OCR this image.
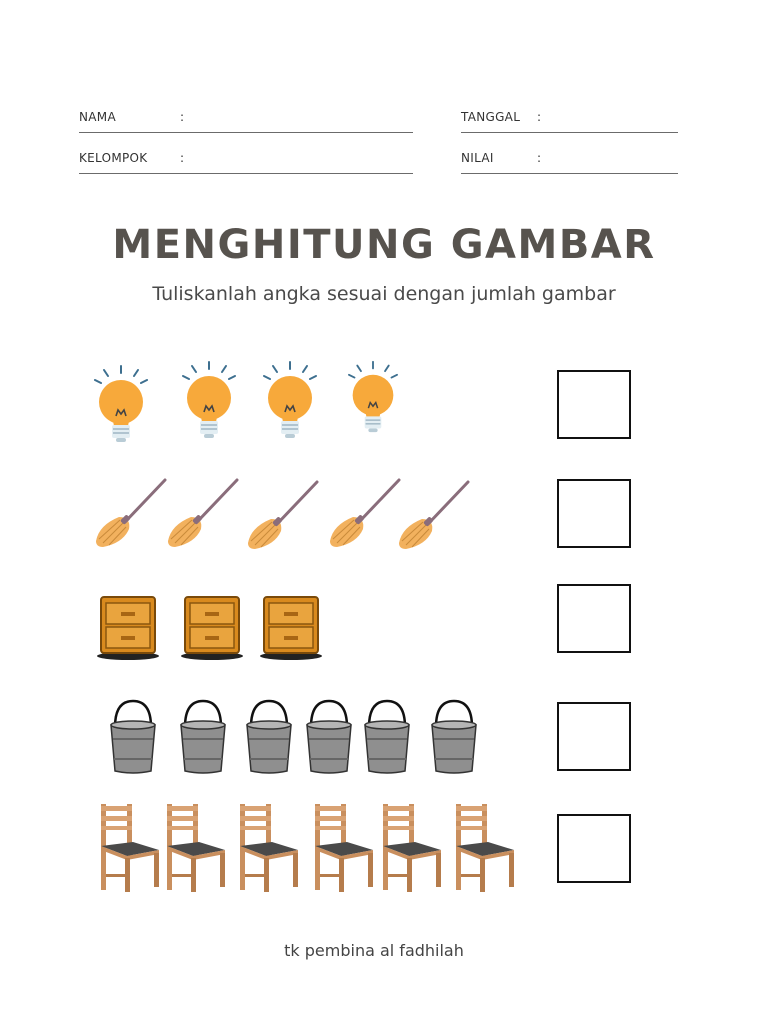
NAMA	:
KELOMPOK	:
TANGGAL :
NILAI	:
MENGHITUNG GAMBAR
Tuliskanlah angka sesuai dengan jumlah gambar
tk pembina al fadhilah
